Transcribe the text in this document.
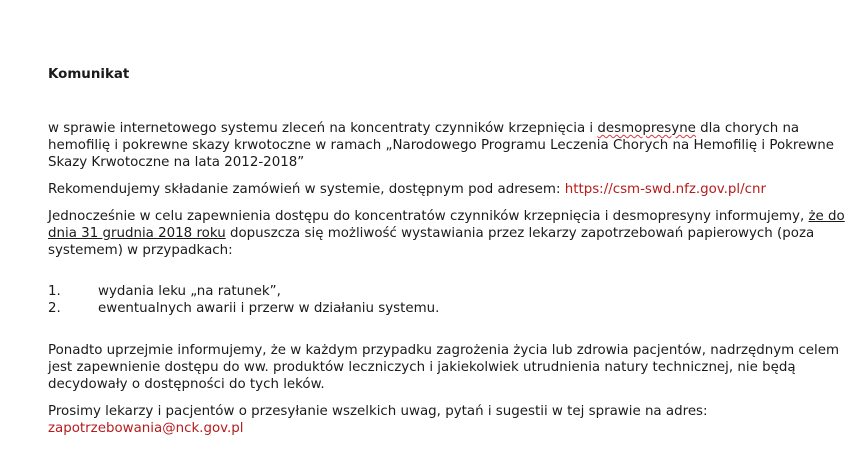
Komunikat

w sprawie internetowego systemu zleceń na koncentraty czynników krzepnięcia i desmopresyne dla chorych na hemofilię i pokrewne skazy krwotoczne w ramach „Narodowego Programu Leczenia Chorych na Hemofilię i Pokrewne Skazy Krwotoczne na lata 2012-2018”

Rekomendujemy składanie zamówień w systemie, dostępnym pod adresem: https://csm-swd.nfz.gov.pl/cnr

Jednocześnie w celu zapewnienia dostępu do koncentratów czynników krzepnięcia i desmopresyny informujemy, że do dnia 31 grudnia 2018 roku dopuszcza się możliwość wystawiania przez lekarzy zapotrzebowań papierowych (poza systemem) w przypadkach:

1.	wydania leku „na ratunek”,
2.	ewentualnych awarii i przerw w działaniu systemu.

Ponadto uprzejmie informujemy, że w każdym przypadku zagrożenia życia lub zdrowia pacjentów, nadrzędnym celem jest zapewnienie dostępu do ww. produktów leczniczych i jakiekolwiek utrudnienia natury technicznej, nie będą decydowały o dostępności do tych leków.

Prosimy lekarzy i pacjentów o przesyłanie wszelkich uwag, pytań i sugestii w tej sprawie na adres:
zapotrzebowania@nck.gov.pl
